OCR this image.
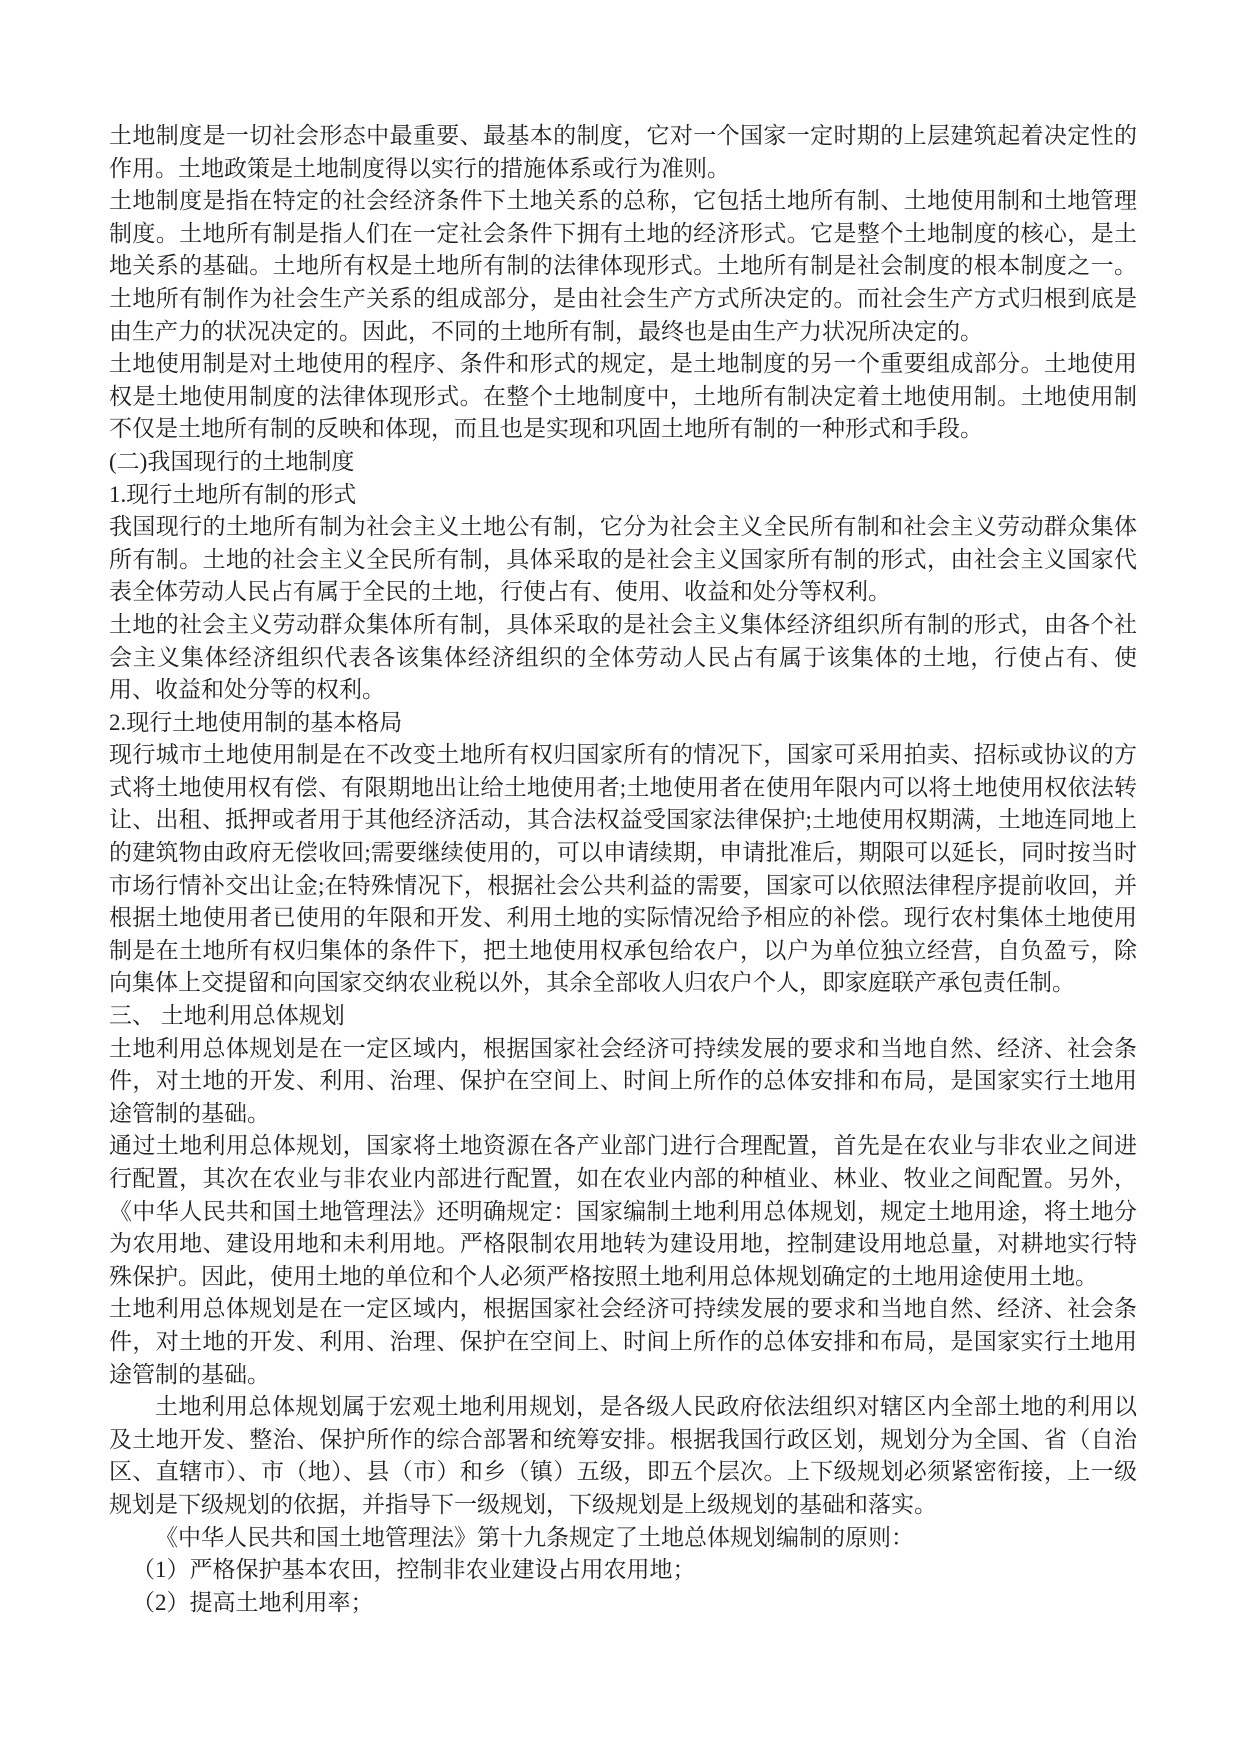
土地制度是一切社会形态中最重要、最基本的制度，它对一个国家一定时期的上层建筑起着决定性的作用。土地政策是土地制度得以实行的措施体系或行为准则。

土地制度是指在特定的社会经济条件下土地关系的总称，它包括土地所有制、土地使用制和土地管理制度。土地所有制是指人们在一定社会条件下拥有土地的经济形式。它是整个土地制度的核心，是土地关系的基础。土地所有权是土地所有制的法律体现形式。土地所有制是社会制度的根本制度之一。土地所有制作为社会生产关系的组成部分，是由社会生产方式所决定的。而社会生产方式归根到底是由生产力的状况决定的。因此，不同的土地所有制，最终也是由生产力状况所决定的。

土地使用制是对土地使用的程序、条件和形式的规定，是土地制度的另一个重要组成部分。土地使用权是土地使用制度的法律体现形式。在整个土地制度中，土地所有制决定着土地使用制。土地使用制不仅是土地所有制的反映和体现，而且也是实现和巩固土地所有制的一种形式和手段。

(二)我国现行的土地制度

1.现行土地所有制的形式

我国现行的土地所有制为社会主义土地公有制，它分为社会主义全民所有制和社会主义劳动群众集体所有制。土地的社会主义全民所有制，具体采取的是社会主义国家所有制的形式，由社会主义国家代表全体劳动人民占有属于全民的土地，行使占有、使用、收益和处分等权利。

土地的社会主义劳动群众集体所有制，具体采取的是社会主义集体经济组织所有制的形式，由各个社会主义集体经济组织代表各该集体经济组织的全体劳动人民占有属于该集体的土地，行使占有、使用、收益和处分等的权利。

2.现行土地使用制的基本格局

现行城市土地使用制是在不改变土地所有权归国家所有的情况下，国家可采用拍卖、招标或协议的方式将土地使用权有偿、有限期地出让给土地使用者;土地使用者在使用年限内可以将土地使用权依法转让、出租、抵押或者用于其他经济活动，其合法权益受国家法律保护;土地使用权期满，土地连同地上的建筑物由政府无偿收回;需要继续使用的，可以申请续期，申请批准后，期限可以延长，同时按当时市场行情补交出让金;在特殊情况下，根据社会公共利益的需要，国家可以依照法律程序提前收回，并根据土地使用者已使用的年限和开发、利用土地的实际情况给予相应的补偿。现行农村集体土地使用制是在土地所有权归集体的条件下，把土地使用权承包给农户，以户为单位独立经营，自负盈亏，除向集体上交提留和向国家交纳农业税以外，其余全部收人归农户个人，即家庭联产承包责任制。

三、 土地利用总体规划

土地利用总体规划是在一定区域内，根据国家社会经济可持续发展的要求和当地自然、经济、社会条件，对土地的开发、利用、治理、保护在空间上、时间上所作的总体安排和布局，是国家实行土地用途管制的基础。

通过土地利用总体规划，国家将土地资源在各产业部门进行合理配置，首先是在农业与非农业之间进行配置，其次在农业与非农业内部进行配置，如在农业内部的种植业、林业、牧业之间配置。另外，《中华人民共和国土地管理法》还明确规定：国家编制土地利用总体规划，规定土地用途，将土地分为农用地、建设用地和未利用地。严格限制农用地转为建设用地，控制建设用地总量，对耕地实行特殊保护。因此，使用土地的单位和个人必须严格按照土地利用总体规划确定的土地用途使用土地。

土地利用总体规划是在一定区域内，根据国家社会经济可持续发展的要求和当地自然、经济、社会条件，对土地的开发、利用、治理、保护在空间上、时间上所作的总体安排和布局，是国家实行土地用途管制的基础。

土地利用总体规划属于宏观土地利用规划，是各级人民政府依法组织对辖区内全部土地的利用以及土地开发、整治、保护所作的综合部署和统筹安排。根据我国行政区划，规划分为全国、省（自治区、直辖市）、市（地）、县（市）和乡（镇）五级，即五个层次。上下级规划必须紧密衔接，上一级规划是下级规划的依据，并指导下一级规划，下级规划是上级规划的基础和落实。

《中华人民共和国土地管理法》第十九条规定了土地总体规划编制的原则：

（1）严格保护基本农田，控制非农业建设占用农用地；

（2）提高土地利用率；
